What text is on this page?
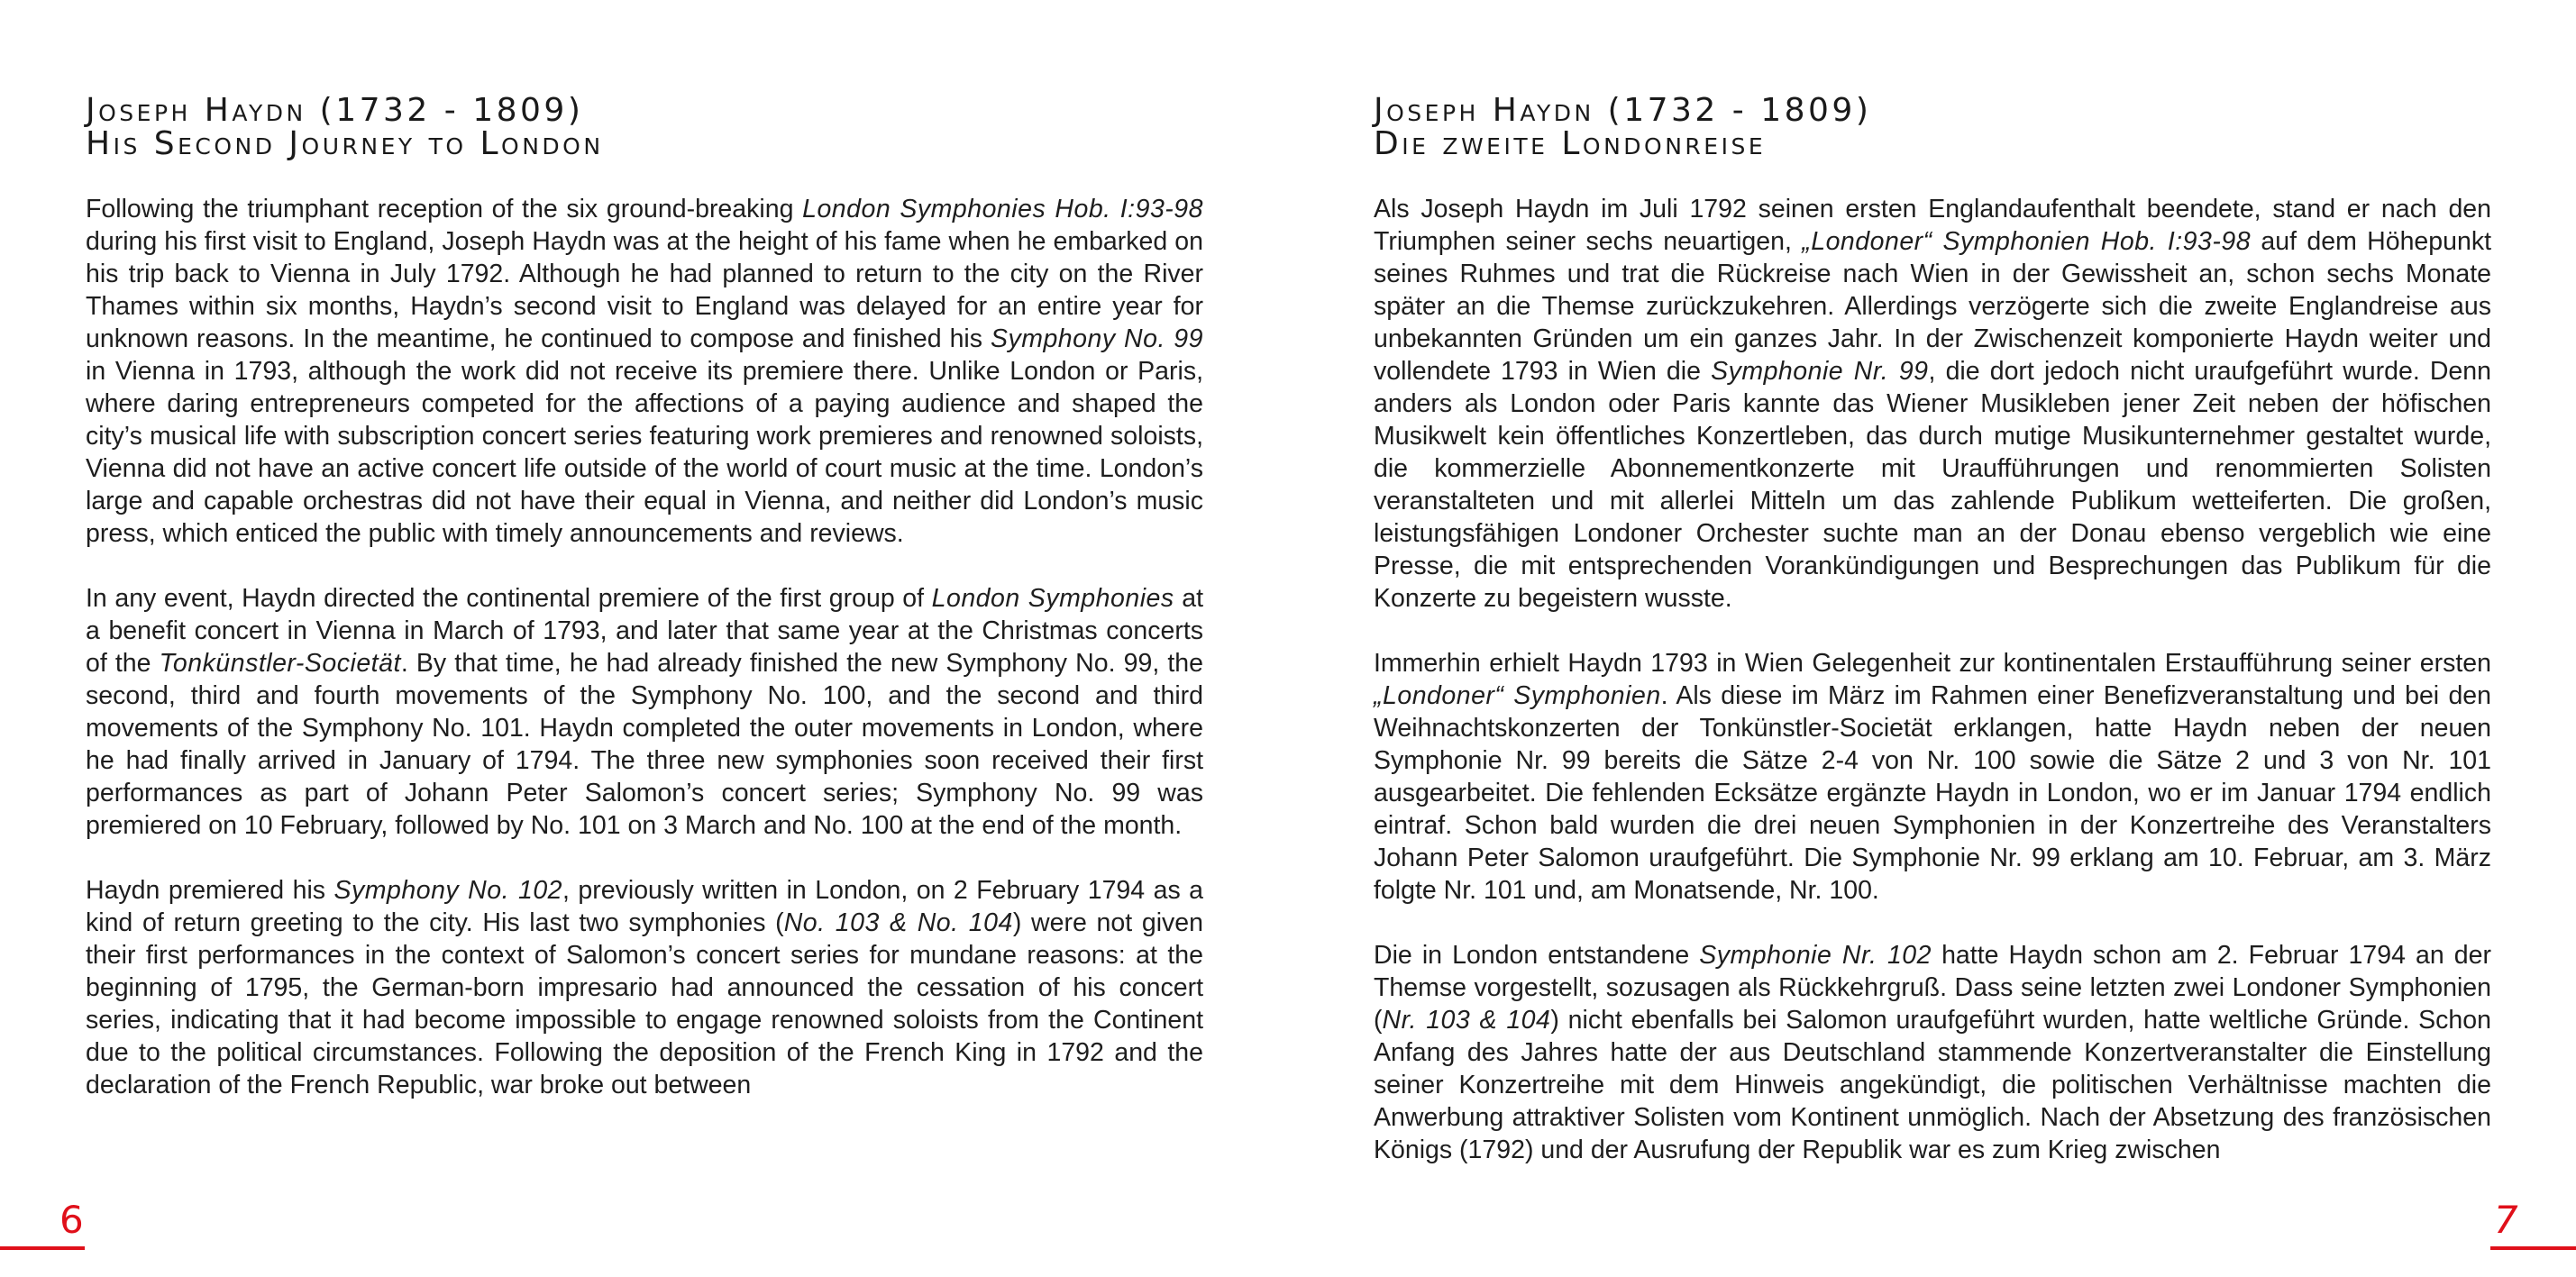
Joseph Haydn (1732 - 1809)
His Second Journey to London

Following the triumphant reception of the six ground-breaking London Symphonies Hob. I:93-98 during his first visit to England, Joseph Haydn was at the height of his fame when he embarked on his trip back to Vienna in July 1792. Although he had planned to return to the city on the River Thames within six months, Haydn’s second visit to England was delayed for an entire year for unknown reasons. In the meantime, he continued to compose and finished his Symphony No. 99 in Vienna in 1793, although the work did not receive its premiere there. Unlike London or Paris, where daring entrepreneurs competed for the affections of a paying audience and shaped the city’s musical life with subscription concert series featuring work premieres and renowned soloists, Vienna did not have an active concert life outside of the world of court music at the time. London’s large and capable orchestras did not have their equal in Vienna, and neither did London’s music press, which enticed the public with timely announcements and reviews.

In any event, Haydn directed the continental premiere of the first group of London Symphonies at a benefit concert in Vienna in March of 1793, and later that same year at the Christmas concerts of the Tonkünstler-Societät. By that time, he had already finished the new Symphony No. 99, the second, third and fourth movements of the Symphony No. 100, and the second and third movements of the Symphony No. 101. Haydn completed the outer movements in London, where he had finally arrived in January of 1794. The three new symphonies soon received their first performances as part of Johann Peter Salomon’s concert series; Symphony No. 99 was premiered on 10 February, followed by No. 101 on 3 March and No. 100 at the end of the month.

Haydn premiered his Symphony No. 102, previously written in London, on 2 February 1794 as a kind of return greeting to the city. His last two symphonies (No. 103 & No. 104) were not given their first performances in the context of Salomon’s concert series for mundane reasons: at the beginning of 1795, the German-born impresario had announced the cessation of his concert series, indicating that it had become impossible to engage renowned soloists from the Continent due to the political circumstances. Following the deposition of the French King in 1792 and the declaration of the French Republic, war broke out between

6
Joseph Haydn (1732 - 1809)
Die zweite Londonreise

Als Joseph Haydn im Juli 1792 seinen ersten Englandaufenthalt beendete, stand er nach den Triumphen seiner sechs neuartigen, „Londoner“ Symphonien Hob. I:93-98 auf dem Höhepunkt seines Ruhmes und trat die Rückreise nach Wien in der Gewissheit an, schon sechs Monate später an die Themse zurückzukehren. Allerdings verzögerte sich die zweite Englandreise aus unbekannten Gründen um ein ganzes Jahr. In der Zwischenzeit komponierte Haydn weiter und vollendete 1793 in Wien die Symphonie Nr. 99, die dort jedoch nicht uraufgeführt wurde. Denn anders als London oder Paris kannte das Wiener Musikleben jener Zeit neben der höfischen Musikwelt kein öffentliches Konzertleben, das durch mutige Musikunternehmer gestaltet wurde, die kommerzielle Abonnementkonzerte mit Uraufführungen und renommierten Solisten veranstalteten und mit allerlei Mitteln um das zahlende Publikum wetteiferten. Die großen, leistungsfähigen Londoner Orchester suchte man an der Donau ebenso vergeblich wie eine Presse, die mit entsprechenden Vorankündigungen und Besprechungen das Publikum für die Konzerte zu begeistern wusste.

Immerhin erhielt Haydn 1793 in Wien Gelegenheit zur kontinentalen Erstaufführung seiner ersten „Londoner“ Symphonien. Als diese im März im Rahmen einer Benefizveranstaltung und bei den Weihnachtskonzerten der Tonkünstler-Societät erklangen, hatte Haydn neben der neuen Symphonie Nr. 99 bereits die Sätze 2-4 von Nr. 100 sowie die Sätze 2 und 3 von Nr. 101 ausgearbeitet. Die fehlenden Ecksätze ergänzte Haydn in London, wo er im Januar 1794 endlich eintraf. Schon bald wurden die drei neuen Symphonien in der Konzertreihe des Veranstalters Johann Peter Salomon uraufgeführt. Die Symphonie Nr. 99 erklang am 10. Februar, am 3. März folgte Nr. 101 und, am Monatsende, Nr. 100.

Die in London entstandene Symphonie Nr. 102 hatte Haydn schon am 2. Februar 1794 an der Themse vorgestellt, sozusagen als Rückkehrgruß. Dass seine letzten zwei Londoner Symphonien (Nr. 103 & 104) nicht ebenfalls bei Salomon uraufgeführt wurden, hatte weltliche Gründe. Schon Anfang des Jahres hatte der aus Deutschland stammende Konzertveranstalter die Einstellung seiner Konzertreihe mit dem Hinweis angekündigt, die politischen Verhältnisse machten die Anwerbung attraktiver Solisten vom Kontinent unmöglich. Nach der Absetzung des französischen Königs (1792) und der Ausrufung der Republik war es zum Krieg zwischen

7
